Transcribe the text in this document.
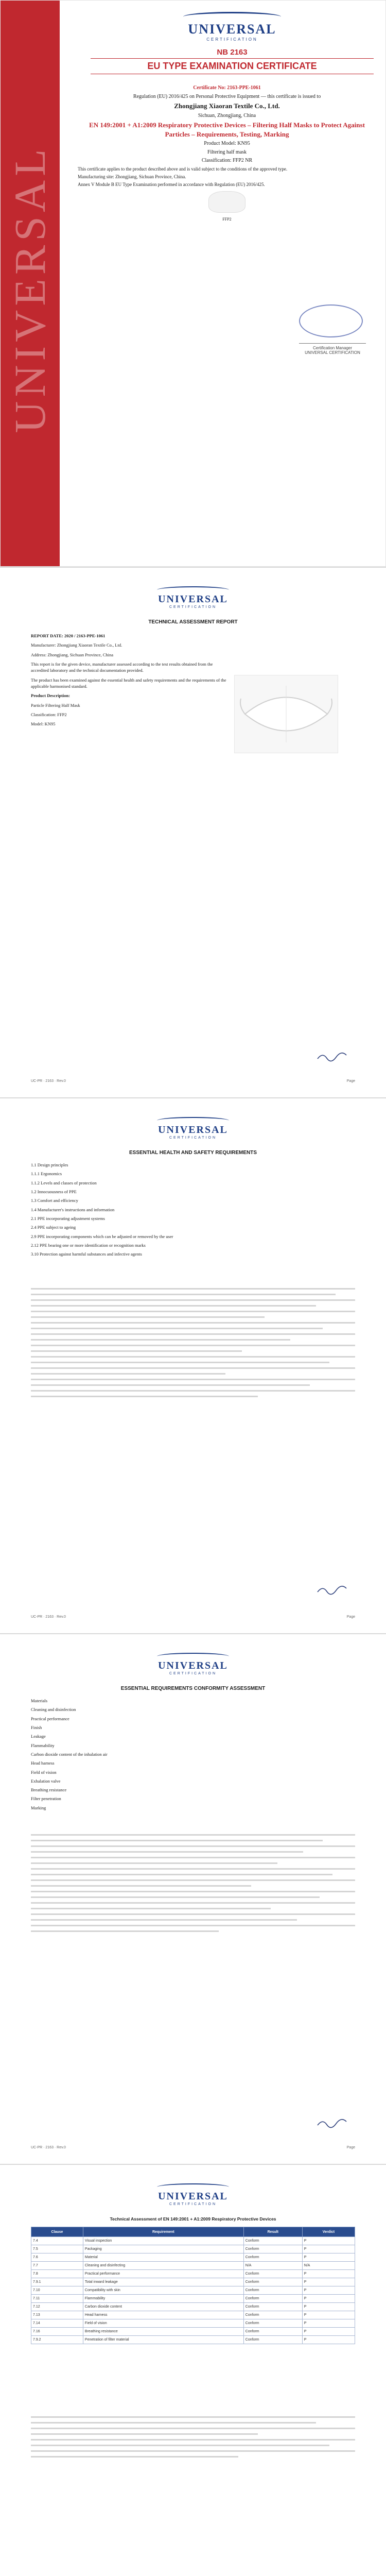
UNIVERSAL
UNIVERSAL
CERTIFICATION
NB 2163
EU TYPE EXAMINATION CERTIFICATE

Certificate No: 2163-PPE-1061

Regulation (EU) 2016/425 on Personal Protective Equipment — this certificate is issued to

Zhongjiang Xiaoran Textile Co., Ltd.

Sichuan, Zhongjiang, China

EN 149:2001 + A1:2009 Respiratory Protective Devices – Filtering Half Masks to Protect Against Particles – Requirements, Testing, Marking

Product Model: KN95

Filtering half mask

Classification: FFP2 NR

This certificate applies to the product described above and is valid subject to the conditions of the approved type.

Manufacturing site: Zhongjiang, Sichuan Province, China.

Annex V Module B EU Type Examination performed in accordance with Regulation (EU) 2016/425.

FFP2

Certification Manager
UNIVERSAL CERTIFICATION
UNIVERSAL
CERTIFICATION
TECHNICAL ASSESSMENT REPORT

REPORT DATE: 2020 / 2163-PPE-1061

Manufacturer: Zhongjiang Xiaoran Textile Co., Ltd.

Address: Zhongjiang, Sichuan Province, China

This report is for the given device, manufacturer assessed according to the test results obtained from the accredited laboratory and the technical documentation provided.

The product has been examined against the essential health and safety requirements and the requirements of the applicable harmonised standard.

Product Description:

Particle Filtering Half Mask

Classification: FFP2

Model: KN95

UC-PR · 2163 · Rev.0	Page
UNIVERSAL
CERTIFICATION
ESSENTIAL HEALTH AND SAFETY REQUIREMENTS
1.1 Design principles
1.1.1 Ergonomics
1.1.2 Levels and classes of protection
1.2 Innocuousness of PPE
1.3 Comfort and efficiency
1.4 Manufacturer's instructions and information
2.1 PPE incorporating adjustment systems
2.4 PPE subject to ageing
2.9 PPE incorporating components which can be adjusted or removed by the user
2.12 PPE bearing one or more identification or recognition marks
3.10 Protection against harmful substances and infective agents
UC-PR · 2163 · Rev.0	Page
UNIVERSAL
CERTIFICATION
ESSENTIAL REQUIREMENTS CONFORMITY ASSESSMENT
Materials
Cleaning and disinfection
Practical performance
Finish
Leakage
Flammability
Carbon dioxide content of the inhalation air
Head harness
Field of vision
Exhalation valve
Breathing resistance
Filter penetration
Marking
UC-PR · 2163 · Rev.0	Page
UNIVERSAL
CERTIFICATION
Technical Assessment of EN 149:2001 + A1:2009 Respiratory Protective Devices
Clause	Requirement	Result	Verdict
7.4	Visual inspection	Conform	P
7.5	Packaging	Conform	P
7.6	Material	Conform	P
7.7	Cleaning and disinfecting	N/A	N/A
7.8	Practical performance	Conform	P
7.9.1	Total inward leakage	Conform	P
7.10	Compatibility with skin	Conform	P
7.11	Flammability	Conform	P
7.12	Carbon dioxide content	Conform	P
7.13	Head harness	Conform	P
7.14	Field of vision	Conform	P
7.16	Breathing resistance	Conform	P
7.9.2	Penetration of filter material	Conform	P
